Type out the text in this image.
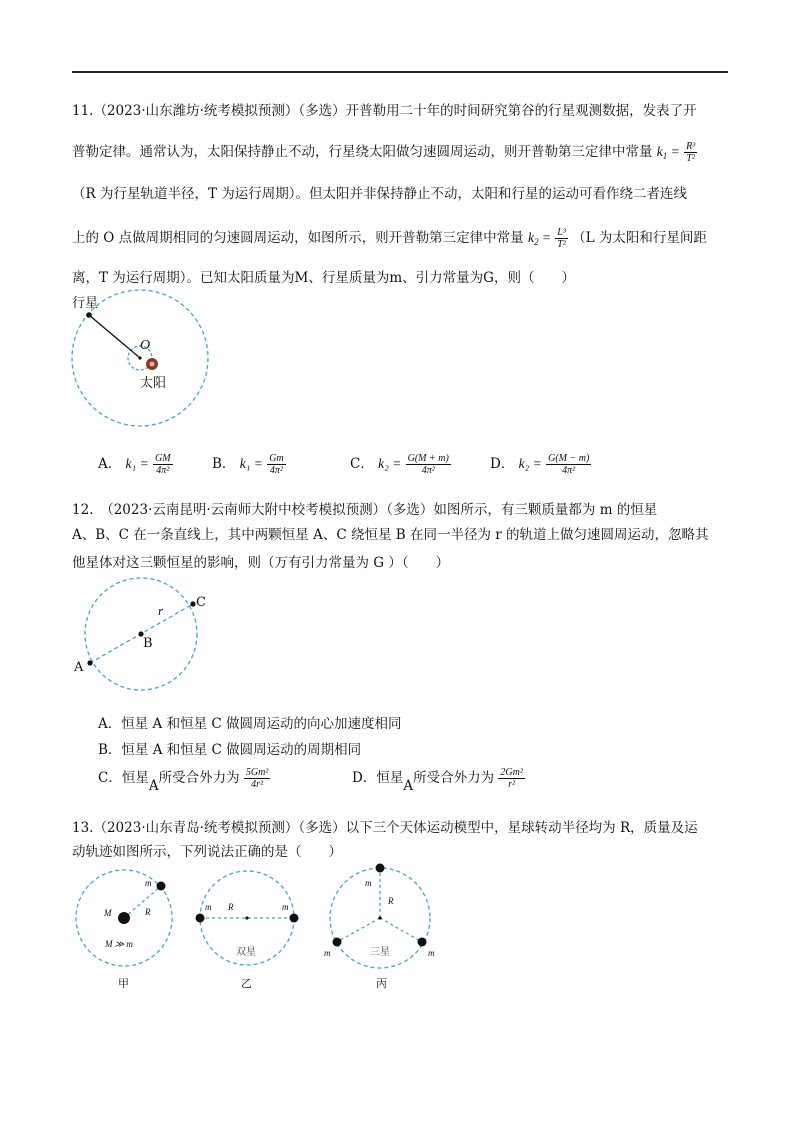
11.（2023·山东潍坊·统考模拟预测）（多选）开普勒用二十年的时间研究第谷的行星观测数据，发表了开
普勒定律。通常认为，太阳保持静止不动，行星绕太阳做匀速圆周运动，则开普勒第三定律中常量 $k_1 = \frac{\text{R³}}{\text{T²}}$
（R 为行星轨道半径，T 为运行周期）。但太阳并非保持静止不动，太阳和行星的运动可看作绕二者连线
上的 O 点做周期相同的匀速圆周运动，如图所示，则开普勒第三定律中常量 $k_2 = \frac{\text{L³}}{\text{T²}} (L$ 为太阳和行星间距
离，T 为运行周期）。已知太阳质量为M、行星质量为m、引力常量为G，则（　　）
行星
O
太阳
A． $k_1 = \frac{GM}{\text{4π²}}$	B． $k_1 = \frac{Gm}{\text{4π²}}$	C． $k_2 = \frac{G(M + m)}{\text{4π²}}$	D． $k_2 = \frac{G(M - m)}{\text{4π²}}$
12.　（2023·云南昆明·云南师大附中校考模拟预测）（多选）如图所示，有三颗质量都为 m 的恒星
A、B、C 在一条直线上，其中两颗恒星 A、C 绕恒星 B 在同一半径为 r 的轨道上做匀速圆周运动，忽略其
他星体对这三颗恒星的影响，则（万有引力常量为 G ）（　　）
A
B
C
r
A．恒星 A 和恒星 C 做圆周运动的向心加速度相同
B．恒星 A 和恒星 C 做圆周运动的周期相同
C．恒星A所受合外力为 $\frac{\text{5Gm²}}{\text{4r²}}$	D．恒星A所受合外力为 $\frac{\text{2Gm²}}{\text{r²}}$
13.（2023·山东青岛·统考模拟预测）（多选）以下三个天体运动模型中，星球转动半径均为 R，质量及运
动轨迹如图所示，下列说法正确的是（　　）
m
M	R
M ≫ m
甲
m	m
R
双星
乙
m
R
m	m
三星
丙
